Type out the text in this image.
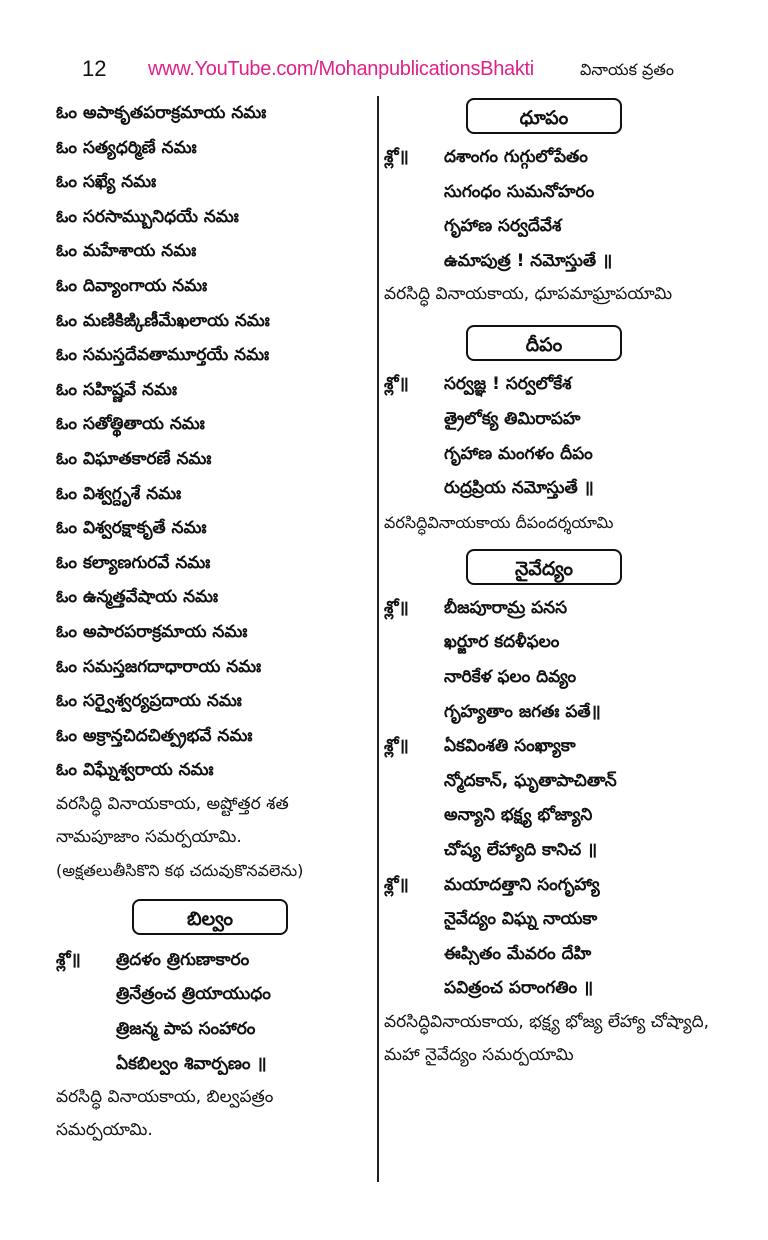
12 www.YouTube.com/MohanpublicationsBhakti	వినాయక వ్రతం
ఓం అపాకృతపరాక్రమాయ నమః
ఓం సత్యధర్మిణే నమః
ఓం సఖ్యే నమః
ఓం సరసామ్బునిధయే నమః
ఓం మహేశాయ నమః
ఓం దివ్యాంగాయ నమః
ఓం మణికిఙ్కిణీమేఖలాయ నమః
ఓం సమస్తదేవతామూర్తయే నమః
ఓం సహిష్ణవే నమః
ఓం సతోత్థితాయ నమః
ఓం విఘాతకారణే నమః
ఓం విశ్వగ్దృశే నమః
ఓం విశ్వరక్షాకృతే నమః
ఓం కల్యాణగురవే నమః
ఓం ఉన్మత్తవేషాయ నమః
ఓం అపారపరాక్రమాయ నమః
ఓం సమస్తజగదాధారాయ నమః
ఓం సర్వైశ్వర్యప్రదాయ నమః
ఓం అక్రాన్తచిదచిత్ప్రభవే నమః
ఓం విఘ్నేశ్వరాయ నమః
వరసిద్ధి వినాయకాయ, అష్టోత్తర శత నామపూజాం సమర్పయామి.
(అక్షతలుతీసికొని కథ చదువుకొనవలెను)
బిల్వం
శ్లో॥ త్రిదళం త్రిగుణాకారం
త్రినేత్రంచ త్రియాయుధం
త్రిజన్మ పాప సంహారం
ఏకబిల్వం శివార్పణం ॥
వరసిద్ధి వినాయకాయ, బిల్వపత్రం సమర్పయామి.
ధూపం
శ్లో॥ దశాంగం గుగ్గులోపేతం
సుగంధం సుమనోహరం
గృహాణ సర్వదేవేశ
ఉమాపుత్ర ! నమోస్తుతే ॥
వరసిద్ధి వినాయకాయ, ధూపమాఘ్రాపయామి
దీపం
శ్లో॥ సర్వజ్ఞ ! సర్వలోకేశ
త్రైలోక్య తిమిరాపహ
గృహాణ మంగళం దీపం
రుద్రప్రియ నమోస్తుతే ॥
వరసిద్ధివినాయకాయ దీపందర్శయామి
నైవేద్యం
శ్లో॥ బీజపూరామ్ర పనస
ఖర్జూర కదళీఫలం
నారికేళ ఫలం దివ్యం
గృహ్యతాం జగతః పతే॥
శ్లో॥ ఏకవింశతి సంఖ్యాకా
న్మోదకాన్, ఘృతాపాచితాన్
అన్యాని భక్ష్య భోజ్యాని
చోష్య లేహ్యాది కానిచ ॥
శ్లో॥ మయాదత్తాని సంగృహ్యా
నైవేద్యం విఘ్న నాయకా
ఈప్సితం మేవరం దేహి
పవిత్రంచ పరాంగతిం ॥
వరసిద్ధివినాయకాయ, భక్ష్య భోజ్య లేహ్యా చోష్యాది, మహా నైవేద్యం సమర్పయామి
